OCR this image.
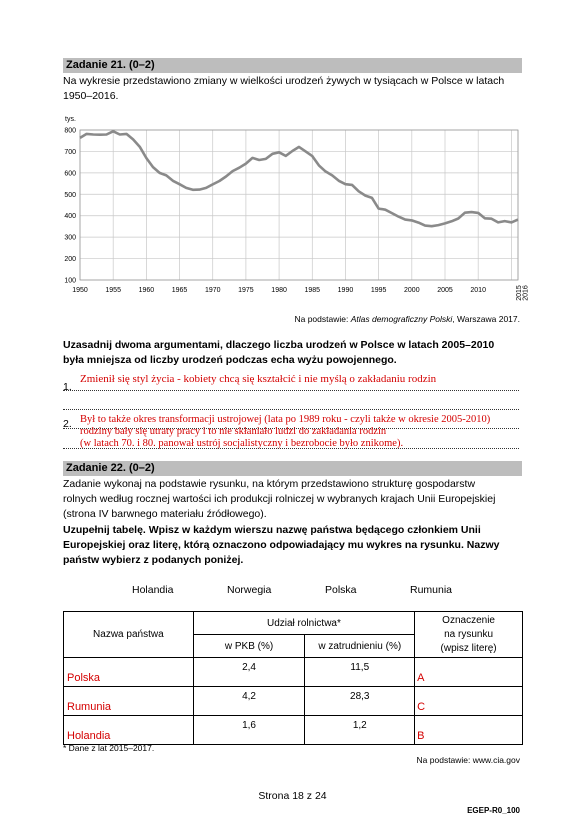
Zadanie 21. (0–2)
Na wykresie przedstawiono zmiany w wielkości urodzeń żywych w tysiącach w Polsce w latach
1950–2016.
800
700
600
500
400
300
200
100
1950	1955	1960	1965	1970	1975	1980	1985	1990	1995	2000	2005	2010	2015 2016
tys.
Na podstawie: Atlas demograficzny Polski, Warszawa 2017.
Uzasadnij dwoma argumentami, dlaczego liczba urodzeń w Polsce w latach 2005–2010
była mniejsza od liczby urodzeń podczas echa wyżu powojennego.
1.
Zmienił się styl życia - kobiety chcą się kształcić i nie myślą o zakładaniu rodzin
2. Był to także okres transformacji ustrojowej (lata po 1989 roku - czyli także w okresie 2005-2010)
rodziny bały się utraty pracy i to nie skłaniało ludzi do zakładania rodzin
(w latach 70. i 80. panował ustrój socjalistyczny i bezrobocie było znikome).
Zadanie 22. (0–2)
Zadanie wykonaj na podstawie rysunku, na którym przedstawiono strukturę gospodarstw
rolnych według rocznej wartości ich produkcji rolniczej w wybranych krajach Unii Europejskiej
(strona IV barwnego materiału źródłowego).
Uzupełnij tabelę. Wpisz w każdym wierszu nazwę państwa będącego członkiem Unii
Europejskiej oraz literę, którą oznaczono odpowiadający mu wykres na rysunku. Nazwy
państw wybierz z podanych poniżej.
Holandia	Norwegia	Polska	Rumunia
Nazwa państwa	Udział rolnictwa*		Oznaczenie
na rysunku
(wpisz literę)

	w PKB (%)	w zatrudnieniu (%)	
Polska	2,4	11,5	A
Rumunia	4,2	28,3	C
Holandia	1,6	1,2	B
* Dane z lat 2015–2017.
Na podstawie: www.cia.gov
Strona 18 z 24
EGEP-R0_100
